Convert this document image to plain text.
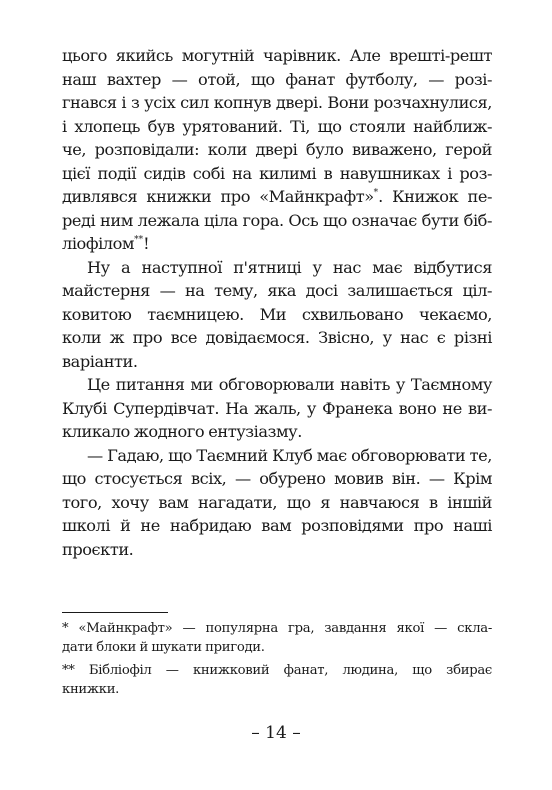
цього якийсь могутній чарівник. Але врешті-решт
наш вахтер — отой, що фанат футболу, — розі-
гнався і з усіх сил копнув двері. Вони розчахнулися,
і хлопець був урятований. Ті, що стояли найближ-
че, розповідали: коли двері було виважено, герой
цієї події сидів собі на килимі в навушниках і роз-
дивлявся книжки про «Майнкрафт»*. Книжок пе-
реді ним лежала ціла гора. Ось що означає бути біб-
ліофілом**!
Ну а наступної п'ятниці у нас має відбутися
майстерня — на тему, яка досі залишається ціл-
ковитою таємницею. Ми схвильовано чекаємо,
коли ж про все довідаємося. Звісно, у нас є різні
варіанти.
Це питання ми обговорювали навіть у Таємному
Клубі Супердівчат. На жаль, у Франека воно не ви-
кликало жодного ентузіазму.
— Гадаю, що Таємний Клуб має обговорювати те,
що стосується всіх, — обурено мовив він. — Крім
того, хочу вам нагадати, що я навчаюся в іншій
школі й не набридаю вам розповідями про наші
проєкти.
* «Майнкрафт» — популярна гра, завдання якої — скла-
дати блоки й шукати пригоди.
** Бібліофіл — книжковий фанат, людина, що збирає
книжки.
– 14 –
